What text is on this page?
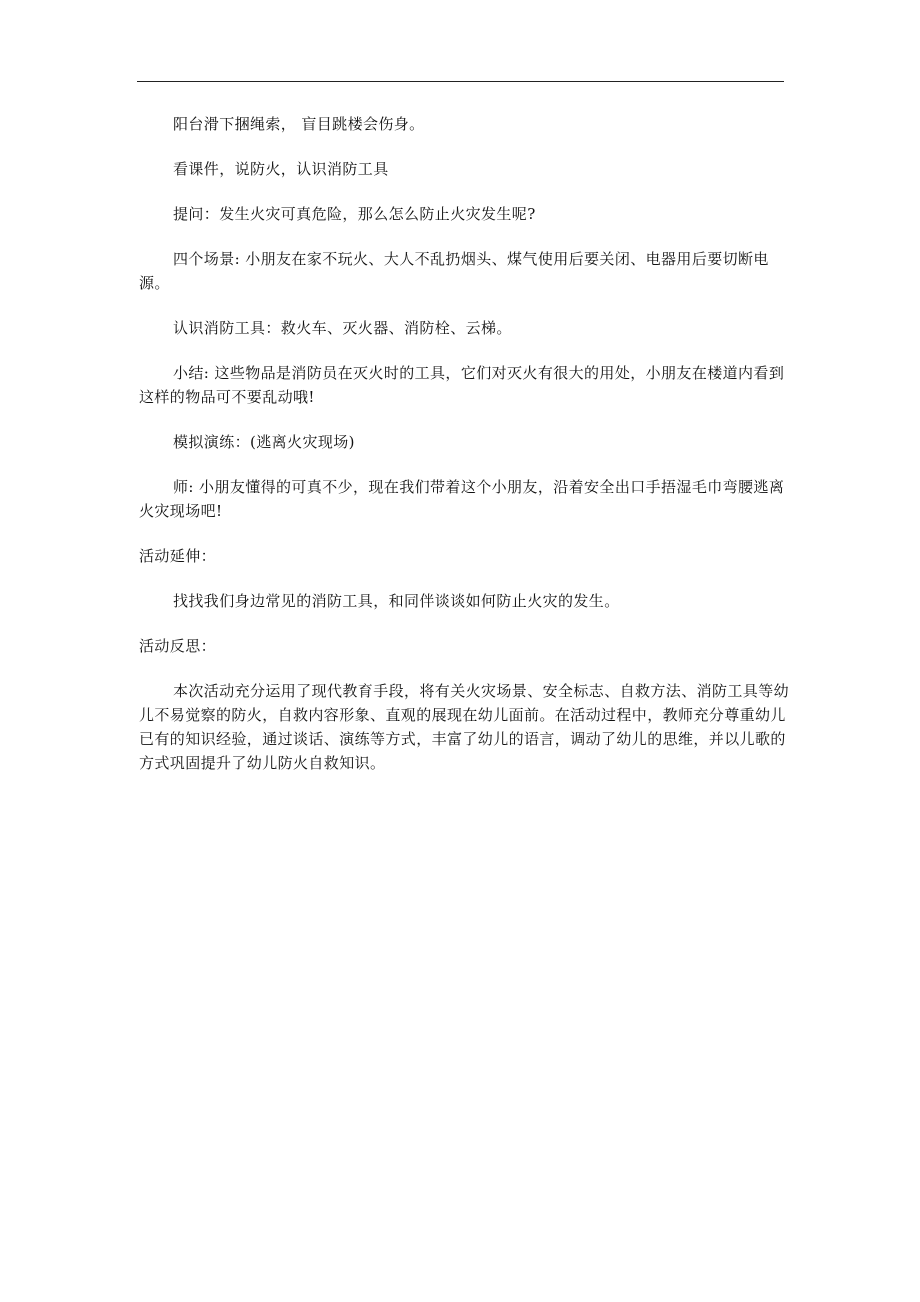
阳台滑下捆绳索， 盲目跳楼会伤身。

看课件，说防火，认识消防工具

提问：发生火灾可真危险，那么怎么防止火灾发生呢?

四个场景: 小朋友在家不玩火、大人不乱扔烟头、煤气使用后要关闭、电器用后要切断电源。

认识消防工具：救火车、灭火器、消防栓、云梯。

小结: 这些物品是消防员在灭火时的工具，它们对灭火有很大的用处，小朋友在楼道内看到这样的物品可不要乱动哦!

模拟演练：(逃离火灾现场)

师: 小朋友懂得的可真不少，现在我们带着这个小朋友，沿着安全出口手捂湿毛巾弯腰逃离火灾现场吧!

活动延伸：

找找我们身边常见的消防工具，和同伴谈谈如何防止火灾的发生。

活动反思：

本次活动充分运用了现代教育手段，将有关火灾场景、安全标志、自救方法、消防工具等幼儿不易觉察的防火，自救内容形象、直观的展现在幼儿面前。在活动过程中，教师充分尊重幼儿已有的知识经验，通过谈话、演练等方式，丰富了幼儿的语言，调动了幼儿的思维，并以儿歌的方式巩固提升了幼儿防火自救知识。
